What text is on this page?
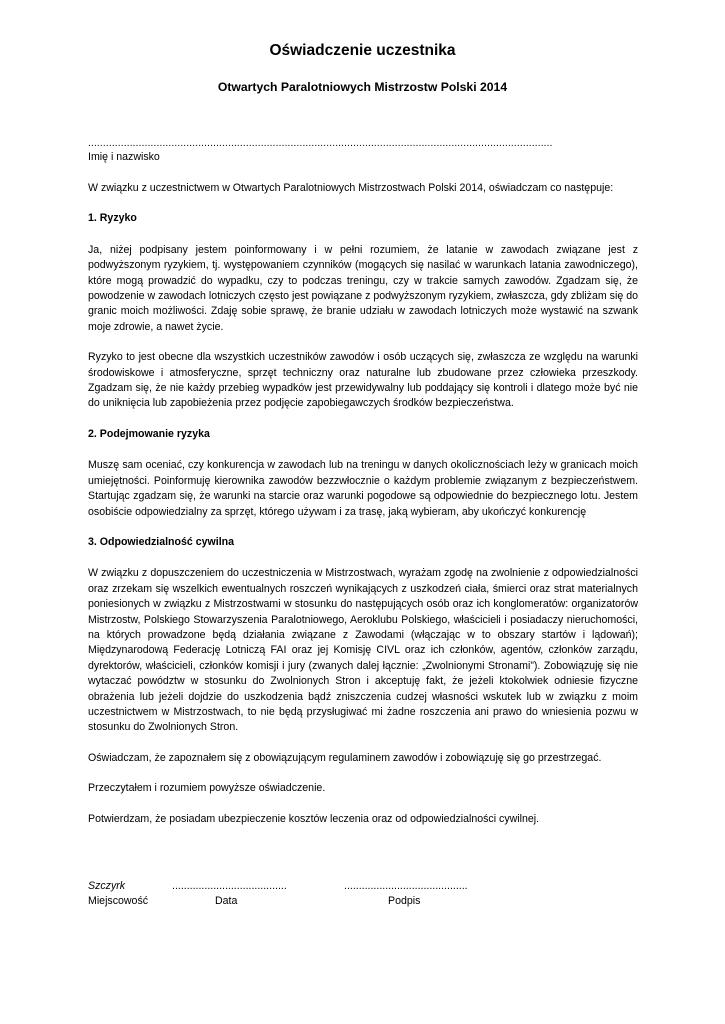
Oświadczenie uczestnika
Otwartych Paralotniowych Mistrzostw Polski 2014
............................................................................................................................................................
Imię i nazwisko

W związku z uczestnictwem w Otwartych Paralotniowych Mistrzostwach Polski 2014, oświadczam co następuje:

1. Ryzyko

Ja, niżej podpisany jestem poinformowany i w pełni rozumiem, że latanie w zawodach związane jest z podwyższonym ryzykiem, tj. występowaniem czynników (mogących się nasilać w warunkach latania zawodniczego), które mogą prowadzić do wypadku, czy to podczas treningu, czy w trakcie samych zawodów. Zgadzam się, że powodzenie w zawodach lotniczych często jest powiązane z podwyższonym ryzykiem, zwłaszcza, gdy zbliżam się do granic moich możliwości. Zdaję sobie sprawę, że branie udziału w zawodach lotniczych może wystawić na szwank moje zdrowie, a nawet życie.

Ryzyko to jest obecne dla wszystkich uczestników zawodów i osób uczących się, zwłaszcza ze względu na warunki środowiskowe i atmosferyczne, sprzęt techniczny oraz naturalne lub zbudowane przez człowieka przeszkody. Zgadzam się, że nie każdy przebieg wypadków jest przewidywalny lub poddający się kontroli i dlatego może być nie do uniknięcia lub zapobieżenia przez podjęcie zapobiegawczych środków bezpieczeństwa.

2. Podejmowanie ryzyka

Muszę sam oceniać, czy konkurencja w zawodach lub na treningu w danych okolicznościach leży w granicach moich umiejętności. Poinformuję kierownika zawodów bezzwłocznie o każdym problemie związanym z bezpieczeństwem. Startując zgadzam się, że warunki na starcie oraz warunki pogodowe są odpowiednie do bezpiecznego lotu. Jestem osobiście odpowiedzialny za sprzęt, którego używam i za trasę, jaką wybieram, aby ukończyć konkurencję

3. Odpowiedzialność cywilna

W związku z dopuszczeniem do uczestniczenia w Mistrzostwach, wyrażam zgodę na zwolnienie z odpowiedzialności oraz zrzekam się wszelkich ewentualnych roszczeń wynikających z uszkodzeń ciała, śmierci oraz strat materialnych poniesionych w związku z Mistrzostwami w stosunku do następujących osób oraz ich konglomeratów: organizatorów Mistrzostw, Polskiego Stowarzyszenia Paralotniowego, Aeroklubu Polskiego, właścicieli i posiadaczy nieruchomości, na których prowadzone będą działania związane z Zawodami (włączając w to obszary startów i lądowań); Międzynarodową Federację Lotniczą FAI oraz jej Komisję CIVL oraz ich członków, agentów, członków zarządu, dyrektorów, właścicieli, członków komisji i jury (zwanych dalej łącznie: „Zwolnionymi Stronami”). Zobowiązuję się nie wytaczać powództw w stosunku do Zwolnionych Stron i akceptuję fakt, że jeżeli ktokolwiek odniesie fizyczne obrażenia lub jeżeli dojdzie do uszkodzenia bądź zniszczenia cudzej własności wskutek lub w związku z moim uczestnictwem w Mistrzostwach, to nie będą przysługiwać mi żadne roszczenia ani prawo do wniesienia pozwu w stosunku do Zwolnionych Stron.

Oświadczam, że zapoznałem się z obowiązującym regulaminem zawodów i zobowiązuję się go przestrzegać.

Przeczytałem i rozumiem powyższe oświadczenie.

Potwierdzam, że posiadam ubezpieczenie kosztów leczenia oraz od odpowiedzialności cywilnej.

Szczyrk	.......................................	..........................................
Miejscowość	Data	Podpis
